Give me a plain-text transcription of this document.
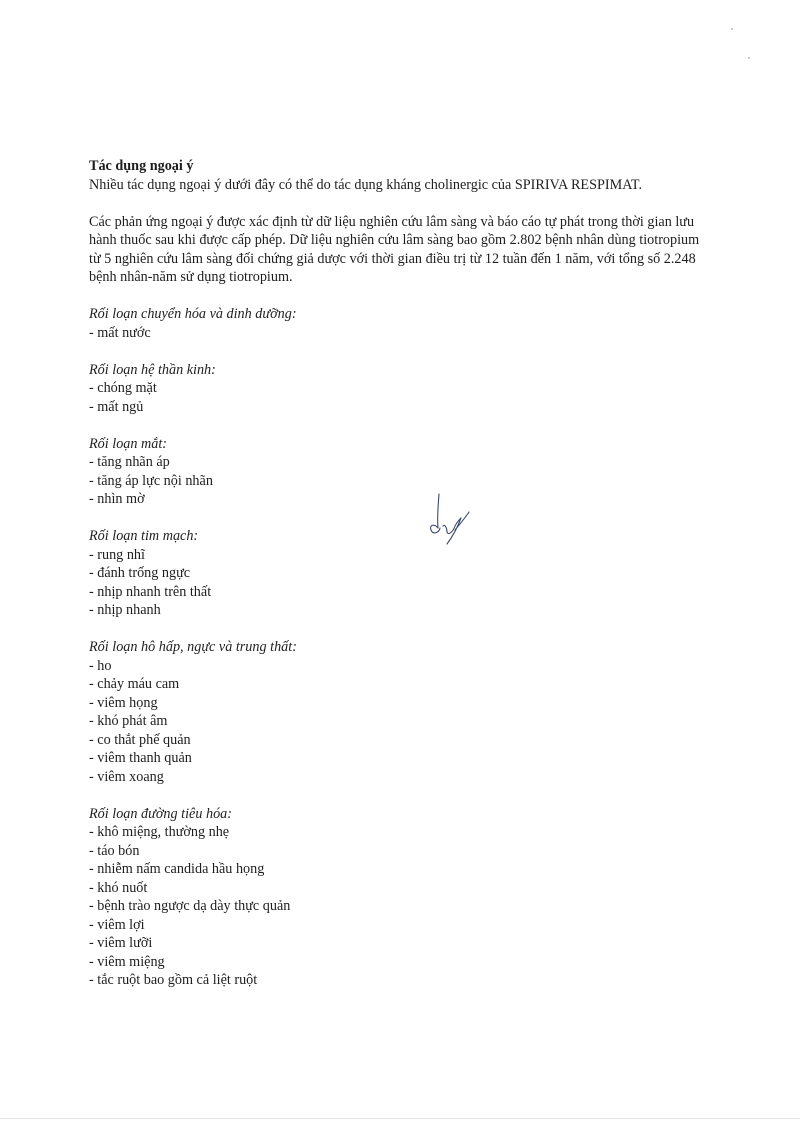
Tác dụng ngoại ý

Nhiều tác dụng ngoại ý dưới đây có thể do tác dụng kháng cholinergic của SPIRIVA RESPIMAT.

Các phản ứng ngoại ý được xác định từ dữ liệu nghiên cứu lâm sàng và báo cáo tự phát trong thời gian lưu hành thuốc sau khi được cấp phép. Dữ liệu nghiên cứu lâm sàng bao gồm 2.802 bệnh nhân dùng tiotropium từ 5 nghiên cứu lâm sàng đối chứng giả dược với thời gian điều trị từ 12 tuần đến 1 năm, với tổng số 2.248 bệnh nhân-năm sử dụng tiotropium.

Rối loạn chuyển hóa và dinh dưỡng:

- mất nước

Rối loạn hệ thần kinh:

- chóng mặt
- mất ngủ

Rối loạn mắt:

- tăng nhãn áp
- tăng áp lực nội nhãn
- nhìn mờ

Rối loạn tim mạch:

- rung nhĩ
- đánh trống ngực
- nhịp nhanh trên thất
- nhịp nhanh

Rối loạn hô hấp, ngực và trung thất:

- ho
- chảy máu cam
- viêm họng
- khó phát âm
- co thắt phế quản
- viêm thanh quản
- viêm xoang

Rối loạn đường tiêu hóa:

- khô miệng, thường nhẹ
- táo bón
- nhiễm nấm candida hầu họng
- khó nuốt
- bệnh trào ngược dạ dày thực quản
- viêm lợi
- viêm lưỡi
- viêm miệng
- tắc ruột bao gồm cả liệt ruột
